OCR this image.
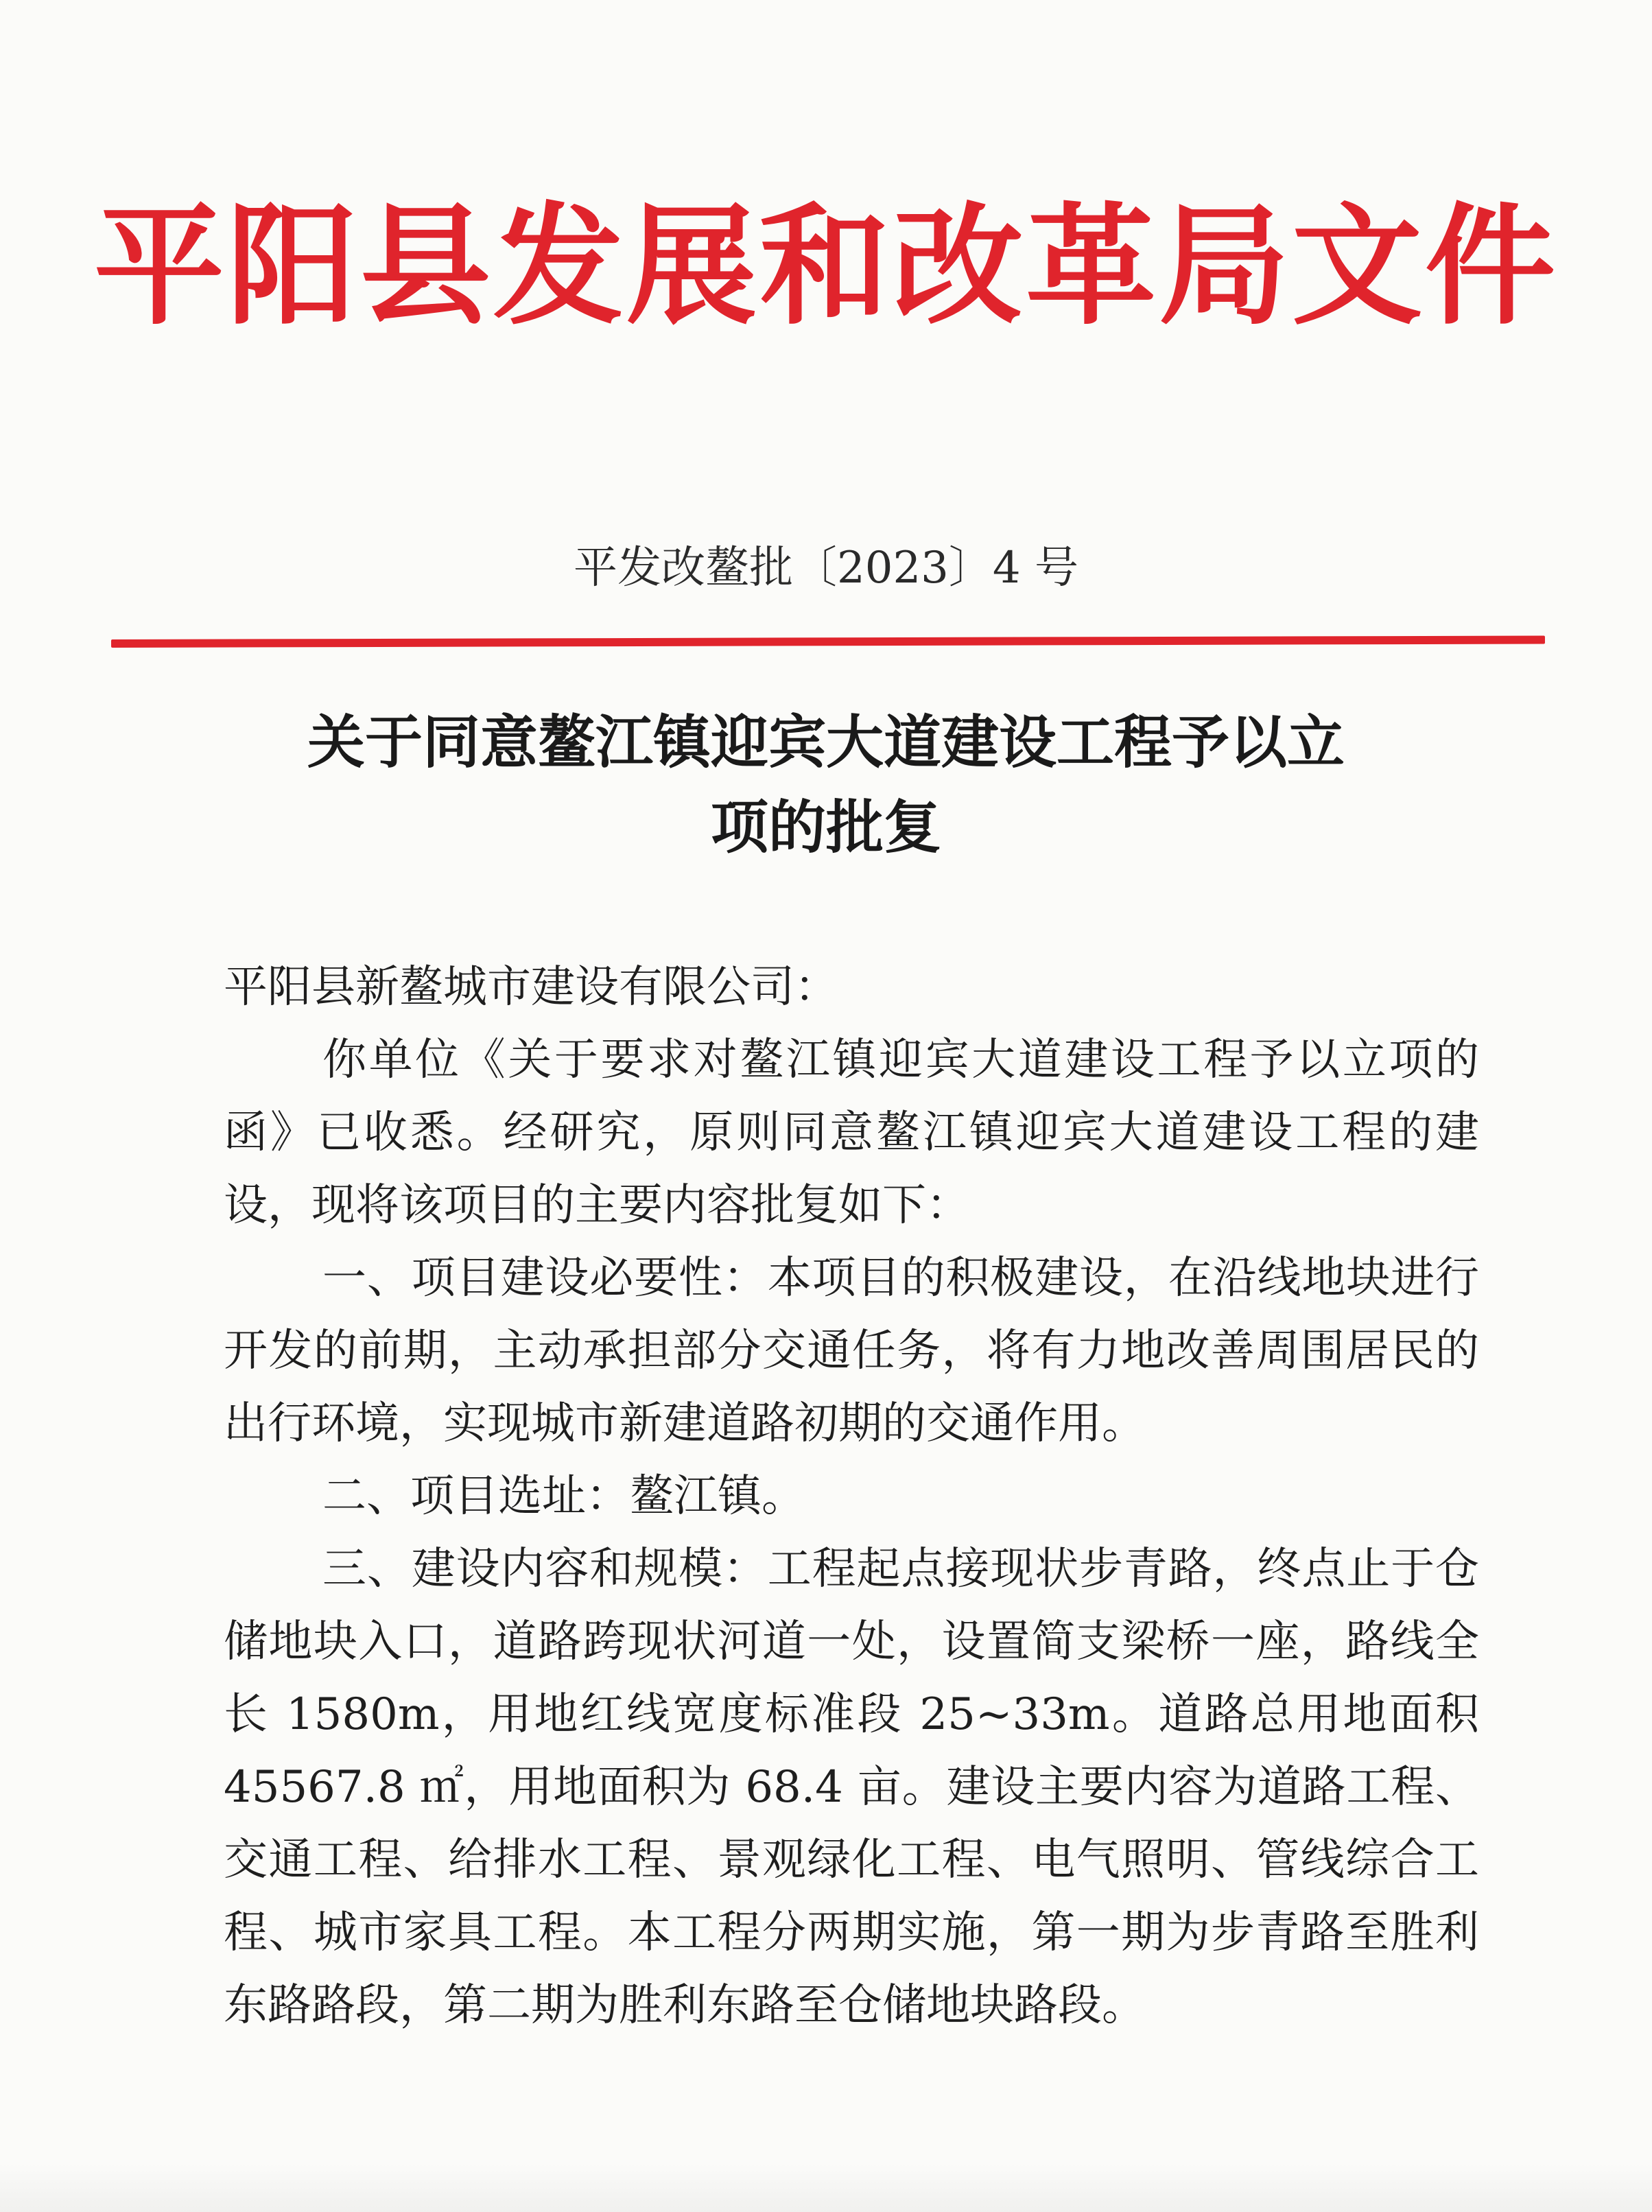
平阳县发展和改革局文件
平发改鳌批〔2023〕4 号
关于同意鳌江镇迎宾大道建设工程予以立
项的批复

平阳县新鳌城市建设有限公司：

你单位《关于要求对鳌江镇迎宾大道建设工程予以立项的函》已收悉。经研究，原则同意鳌江镇迎宾大道建设工程的建设，现将该项目的主要内容批复如下：

一、项目建设必要性：本项目的积极建设，在沿线地块进行开发的前期，主动承担部分交通任务，将有力地改善周围居民的出行环境，实现城市新建道路初期的交通作用。

二、项目选址：鳌江镇。

三、建设内容和规模：工程起点接现状步青路，终点止于仓储地块入口，道路跨现状河道一处，设置简支梁桥一座，路线全长 1580m，用地红线宽度标准段 25~33m。道路总用地面积 45567.8 ㎡，用地面积为 68.4 亩。建设主要内容为道路工程、交通工程、给排水工程、景观绿化工程、电气照明、管线综合工程、城市家具工程。本工程分两期实施，第一期为步青路至胜利东路路段，第二期为胜利东路至仓储地块路段。
